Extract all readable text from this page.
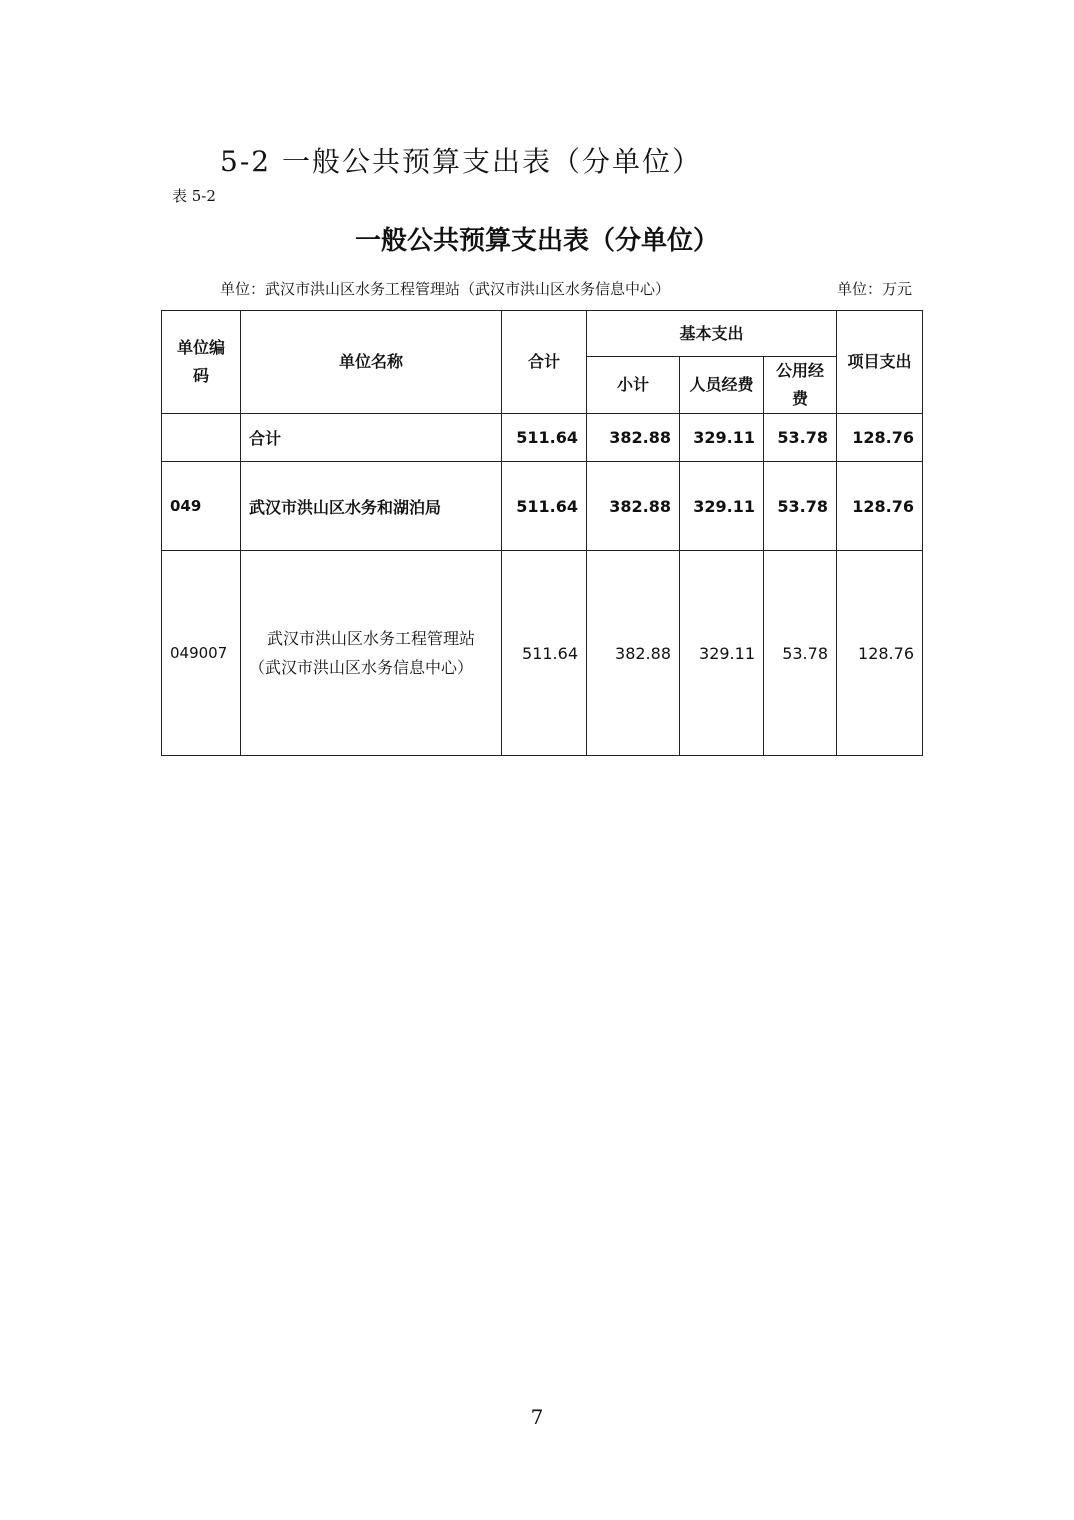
5-2 一般公共预算支出表（分单位）
表 5-2
一般公共预算支出表（分单位）
单位：武汉市洪山区水务工程管理站（武汉市洪山区水务信息中心）	单位：万元
单位编码	单位名称	合计	基本支出			项目支出
			小计	人员经费	公用经费	
	合计	511.64	382.88	329.11	53.78	128.76
049	武汉市洪山区水务和湖泊局	511.64	382.88	329.11	53.78	128.76
049007	武汉市洪山区水务工程管理站（武汉市洪山区水务信息中心）	511.64	382.88	329.11	53.78	128.76
7
